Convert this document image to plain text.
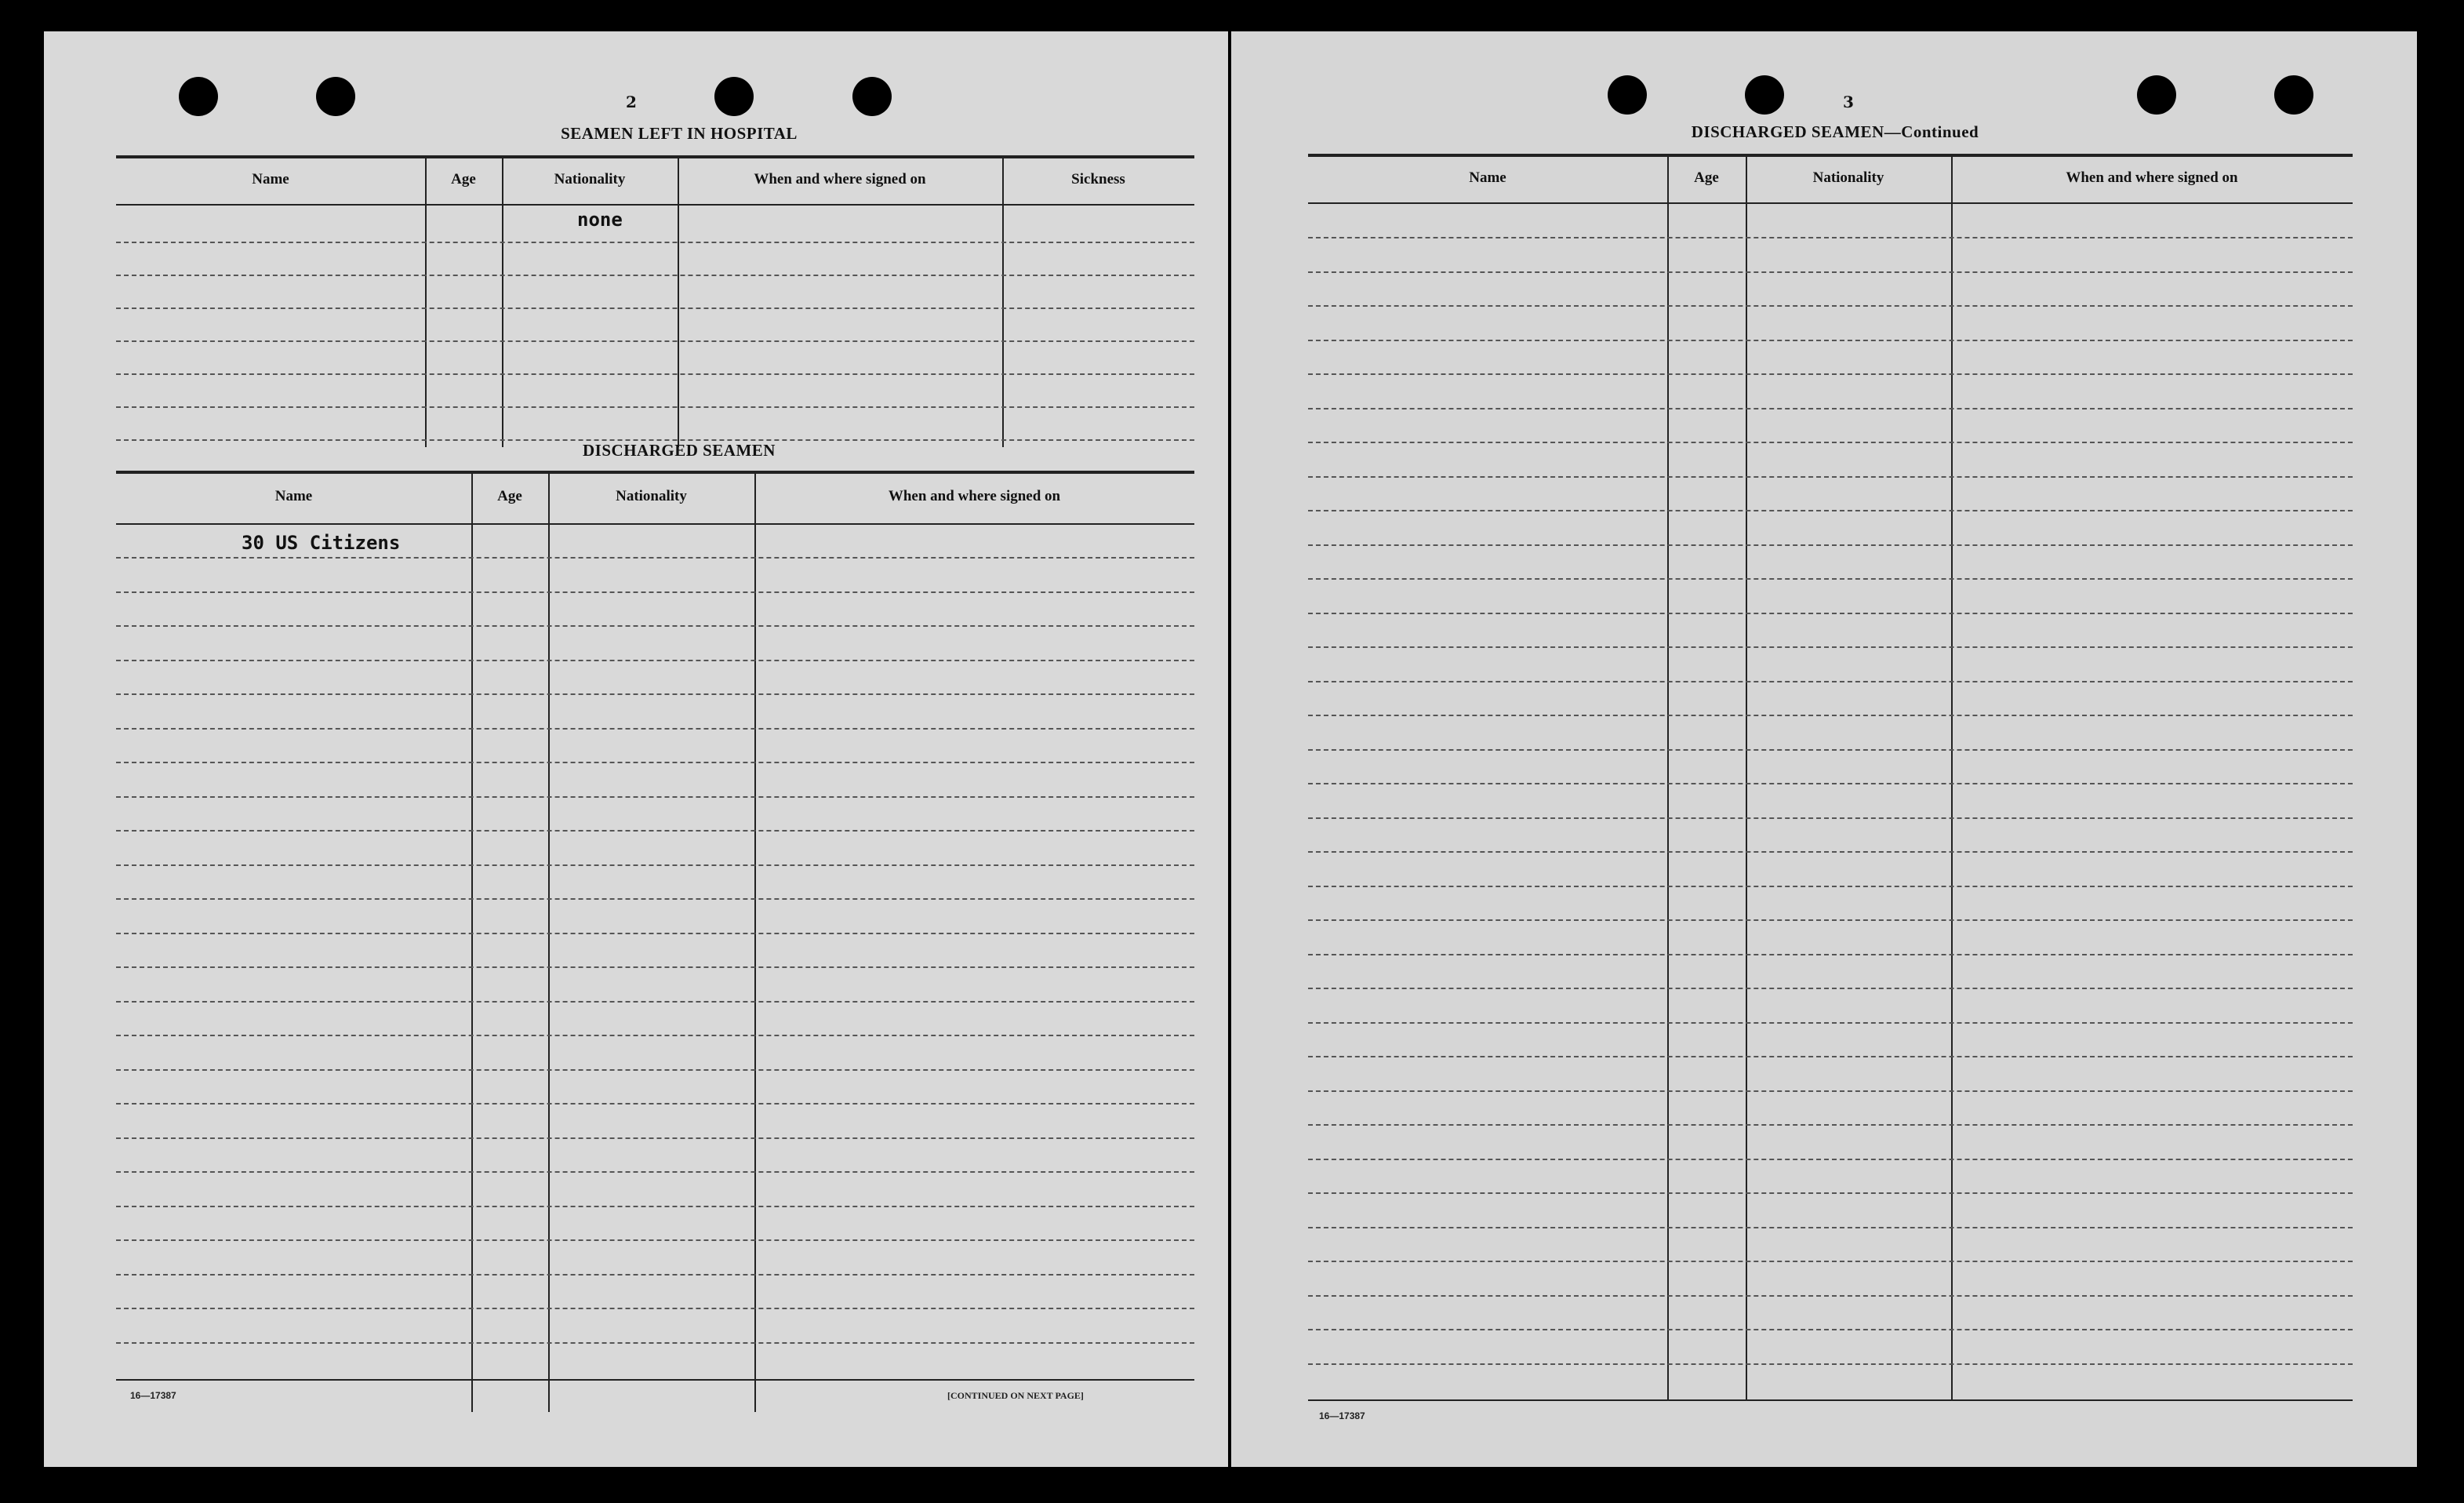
2
SEAMEN LEFT IN HOSPITAL
Name	Age	Nationality	When and where signed on	Sickness
none
DISCHARGED SEAMEN
Name	Age	Nationality	When and where signed on
30 US Citizens
16—17387	[CONTINUED ON NEXT PAGE]
3
DISCHARGED SEAMEN—Continued
Name	Age	Nationality	When and where signed on
16—17387
